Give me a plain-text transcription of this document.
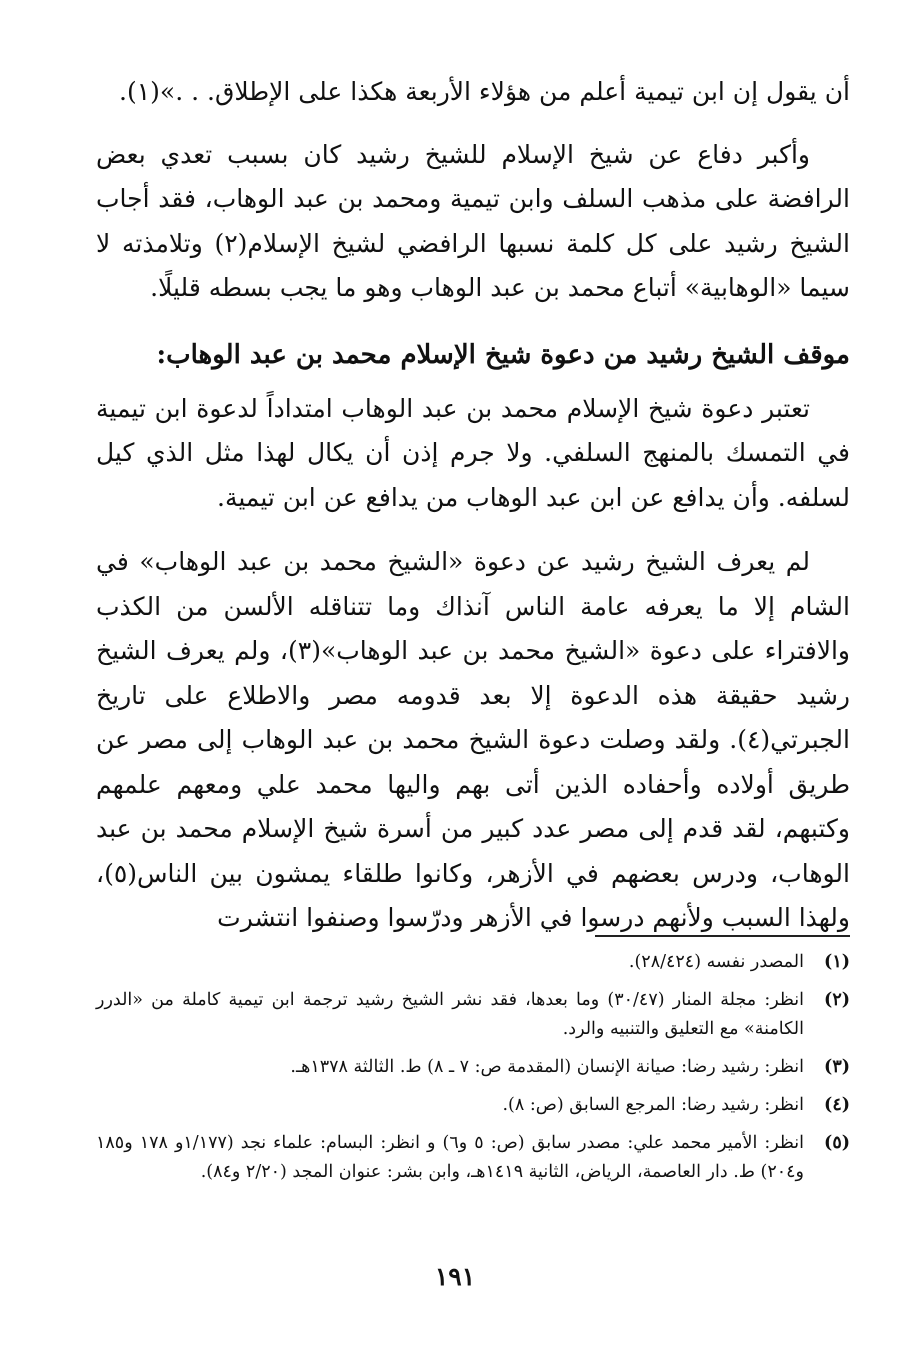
أن يقول إن ابن تيمية أعلم من هؤلاء الأربعة هكذا على الإطلاق. . .»(١).

وأكبر دفاع عن شيخ الإسلام للشيخ رشيد كان بسبب تعدي بعض الرافضة على مذهب السلف وابن تيمية ومحمد بن عبد الوهاب، فقد أجاب الشيخ رشيد على كل كلمة نسبها الرافضي لشيخ الإسلام(٢) وتلامذته لا سيما «الوهابية» أتباع محمد بن عبد الوهاب وهو ما يجب بسطه قليلًا.

موقف الشيخ رشيد من دعوة شيخ الإسلام محمد بن عبد الوهاب:

تعتبر دعوة شيخ الإسلام محمد بن عبد الوهاب امتداداً لدعوة ابن تيمية في التمسك بالمنهج السلفي. ولا جرم إذن أن يكال لهذا مثل الذي كيل لسلفه. وأن يدافع عن ابن عبد الوهاب من يدافع عن ابن تيمية.

لم يعرف الشيخ رشيد عن دعوة «الشيخ محمد بن عبد الوهاب» في الشام إلا ما يعرفه عامة الناس آنذاك وما تتناقله الألسن من الكذب والافتراء على دعوة «الشيخ محمد بن عبد الوهاب»(٣)، ولم يعرف الشيخ رشيد حقيقة هذه الدعوة إلا بعد قدومه مصر والاطلاع على تاريخ الجبرتي(٤). ولقد وصلت دعوة الشيخ محمد بن عبد الوهاب إلى مصر عن طريق أولاده وأحفاده الذين أتى بهم واليها محمد علي ومعهم علمهم وكتبهم، لقد قدم إلى مصر عدد كبير من أسرة شيخ الإسلام محمد بن عبد الوهاب، ودرس بعضهم في الأزهر، وكانوا طلقاء يمشون بين الناس(٥)، ولهذا السبب ولأنهم درسوا في الأزهر ودرّسوا وصنفوا انتشرت

(١)
المصدر نفسه (٢٨/٤٢٤).
(٢)
انظر: مجلة المنار (٣٠/٤٧) وما بعدها، فقد نشر الشيخ رشيد ترجمة ابن تيمية كاملة من «الدرر الكامنة» مع التعليق والتنبيه والرد.
(٣)
انظر: رشيد رضا: صيانة الإنسان (المقدمة ص: ٧ ـ ٨) ط. الثالثة ١٣٧٨هـ.
(٤)
انظر: رشيد رضا: المرجع السابق (ص: ٨).
(٥)
انظر: الأمير محمد علي: مصدر سابق (ص: ٥ و٦) و انظر: البسام: علماء نجد (١/١٧٧و ١٧٨ و١٨٥ و٢٠٤) ط. دار العاصمة، الرياض، الثانية ١٤١٩هـ، وابن بشر: عنوان المجد (٢/٢٠ و٨٤).
١٩١
